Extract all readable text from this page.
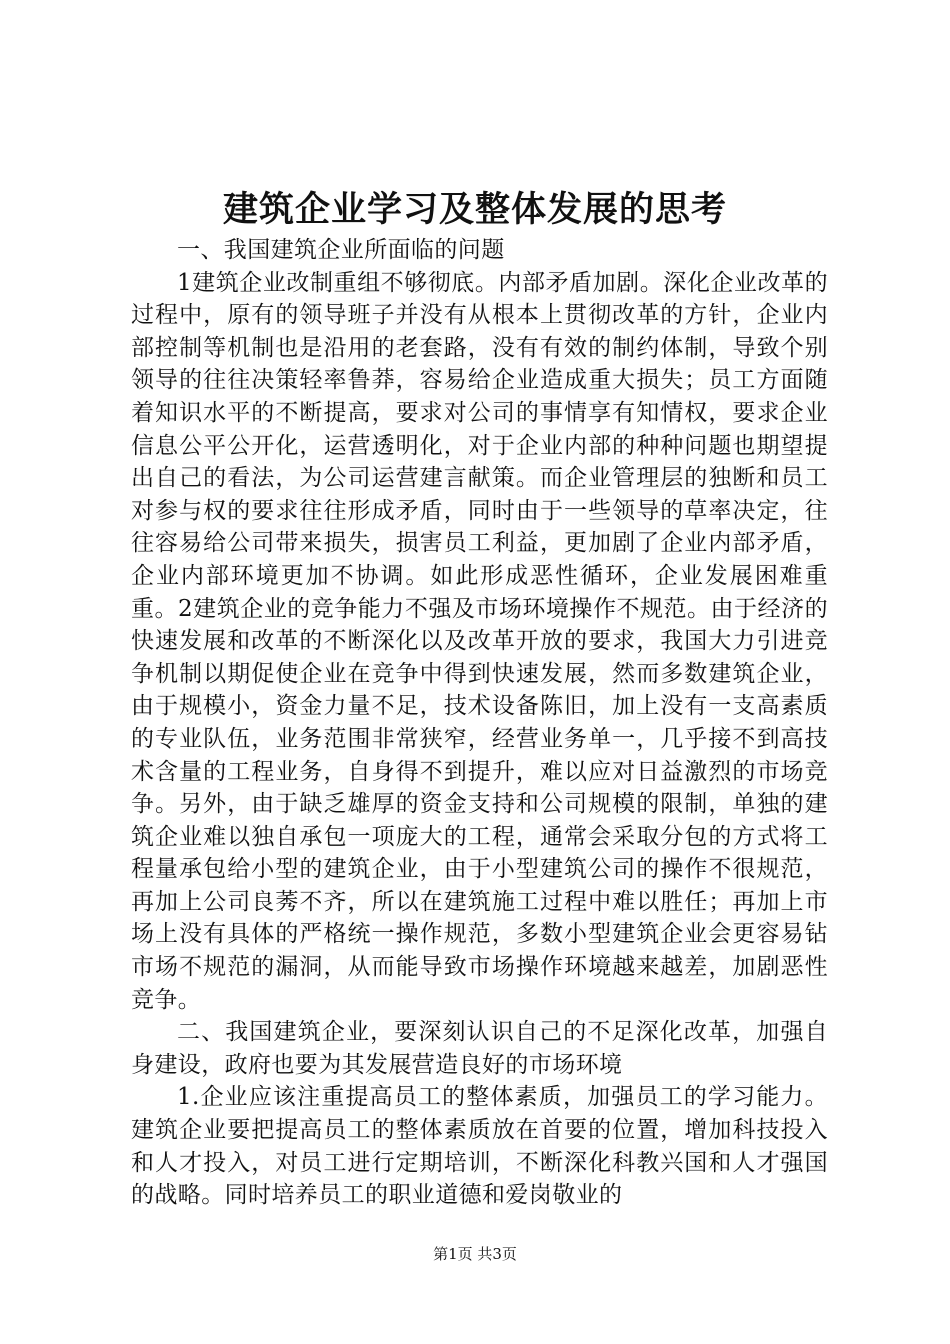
建筑企业学习及整体发展的思考

一、我国建筑企业所面临的问题

1建筑企业改制重组不够彻底。内部矛盾加剧。深化企业改革的过程中，原有的领导班子并没有从根本上贯彻改革的方针，企业内部控制等机制也是沿用的老套路，没有有效的制约体制，导致个别领导的往往决策轻率鲁莽，容易给企业造成重大损失；员工方面随着知识水平的不断提高，要求对公司的事情享有知情权，要求企业信息公平公开化，运营透明化，对于企业内部的种种问题也期望提出自己的看法，为公司运营建言献策。而企业管理层的独断和员工对参与权的要求往往形成矛盾，同时由于一些领导的草率决定，往往容易给公司带来损失，损害员工利益，更加剧了企业内部矛盾，企业内部环境更加不协调。如此形成恶性循环，企业发展困难重重。2建筑企业的竞争能力不强及市场环境操作不规范。由于经济的快速发展和改革的不断深化以及改革开放的要求，我国大力引进竞争机制以期促使企业在竞争中得到快速发展，然而多数建筑企业，由于规模小，资金力量不足，技术设备陈旧，加上没有一支高素质的专业队伍，业务范围非常狭窄，经营业务单一，几乎接不到高技术含量的工程业务，自身得不到提升，难以应对日益激烈的市场竞争。另外，由于缺乏雄厚的资金支持和公司规模的限制，单独的建筑企业难以独自承包一项庞大的工程，通常会采取分包的方式将工程量承包给小型的建筑企业，由于小型建筑公司的操作不很规范，再加上公司良莠不齐，所以在建筑施工过程中难以胜任；再加上市场上没有具体的严格统一操作规范，多数小型建筑企业会更容易钻市场不规范的漏洞，从而能导致市场操作环境越来越差，加剧恶性竞争。

二、我国建筑企业，要深刻认识自己的不足深化改革，加强自身建设，政府也要为其发展营造良好的市场环境

1.企业应该注重提高员工的整体素质，加强员工的学习能力。建筑企业要把提高员工的整体素质放在首要的位置，增加科技投入和人才投入，对员工进行定期培训，不断深化科教兴国和人才强国的战略。同时培养员工的职业道德和爱岗敬业的

第1页 共3页
